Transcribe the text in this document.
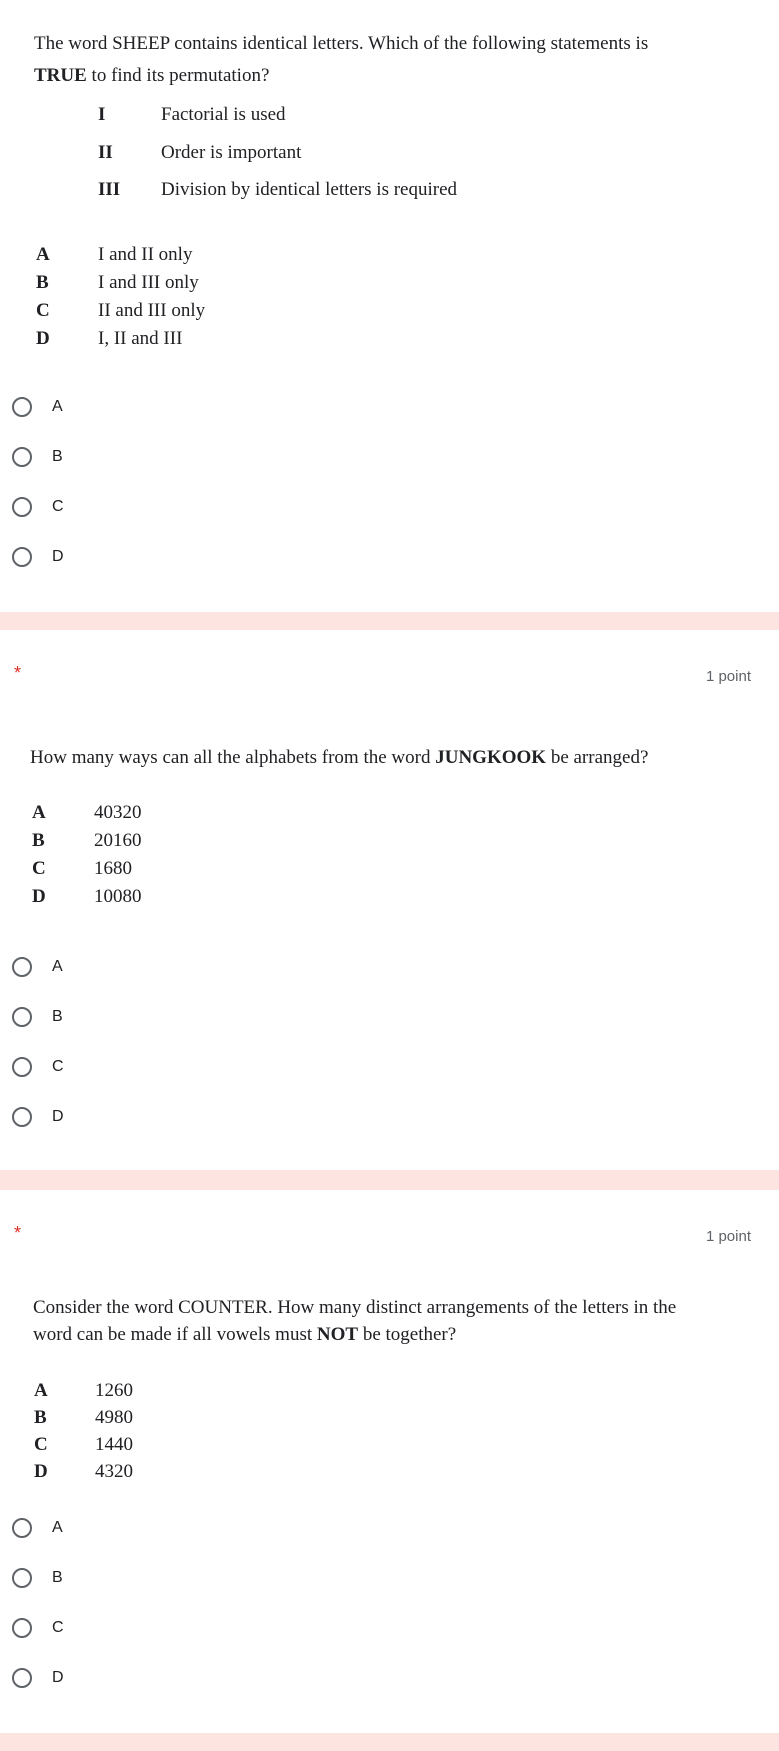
The word SHEEP contains identical letters. Which of the following statements is
TRUE to find its permutation?
I	Factorial is used
II	Order is important
III Division by identical letters is required
A	I and II only
B	I and III only
C	II and III only
D	I, II and III
A
B
C
D
*	1 point
How many ways can all the alphabets from the word JUNGKOOK be arranged?
A	40320
B	20160
C	1680
D	10080
A
B
C
D
*	1 point
Consider the word COUNTER. How many distinct arrangements of the letters in the
word can be made if all vowels must NOT be together?
A 1260
B	4980
C 1440
D 4320
A
B
C
D
